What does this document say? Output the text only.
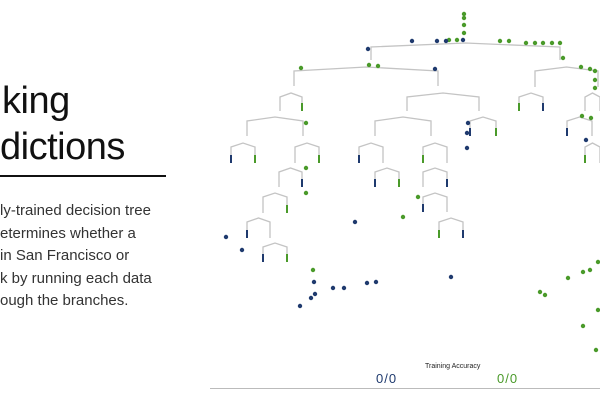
king
dictions
ly-trained decision tree
etermines whether a
in San Francisco or
k by running each data
ough the branches.
Training Accuracy
0/0	0/0
